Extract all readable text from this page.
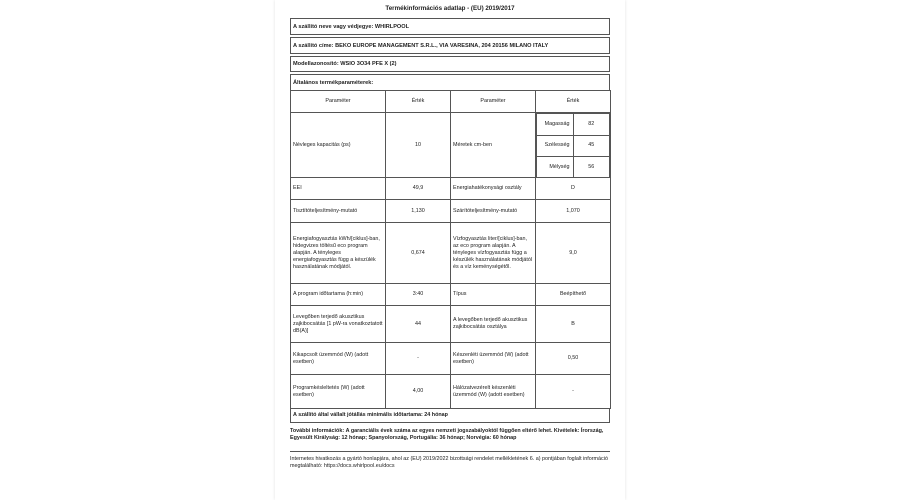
Termékinformációs adatlap - (EU) 2019/2017
A szállító neve vagy védjegye: WHIRLPOOL
A szállító címe: BEKO EUROPE MANAGEMENT S.R.L., VIA VARESINA, 204 20156 MILANO ITALY
Modellazonosító: WSIO 3O34 PFE X (2)
Általános termékparaméterek:
Paraméter	Érték	Paraméter	Érték
Névleges kapacitás (ps)	10	Méretek cm-ben	
Magasság	82
Szélesség	45
Mélység	56

EEI	49,9	Energiahatékonysági osztály	D
Tisztítóteljesítmény-mutató	1,130	Szárítóteljesítmény-mutató	1,070
Energiafogyasztás kWh/[ciklus]-ban, hidegvizes töltésű eco program alapján. A tényleges energiafogyasztás függ a készülék használatának módjától.	0,674	Vízfogyasztás liter/[ciklus]-ban, az eco program alapján. A tényleges vízfogyasztás függ a készülék használatának módjától és a víz keménységétől.	9,0
A program időtartama (h:min)	3:40	Típus	Beépíthető
Levegőben terjedő akusztikus zajkibocsátás [1 pW-ra vonatkoztatott dB(A)]	44	A levegőben terjedő akusztikus zajkibocsátás osztálya	B
Kikapcsolt üzemmód (W) (adott esetben)	-	Készenléti üzemmód (W) (adott esetben)	0,50
Programkésleltetés (W) (adott esetben)	4,00	Hálózatvezérelt készenléti üzemmód (W) (adott esetben)	-
A szállító által vállalt jótállás minimális időtartama: 24 hónap
További információk: A garanciális évek száma az egyes nemzeti jogszabályoktól függően eltérő lehet. Kivételek: Írország, Egyesült Királyság: 12 hónap; Spanyolország, Portugália: 36 hónap; Norvégia: 60 hónap
Internetes hivatkozás a gyártó honlapjára, ahol az (EU) 2019/2022 bizottsági rendelet mellékletének 6. a) pontjában foglalt információ megtalálható: https://docs.whirlpool.eu/docs
